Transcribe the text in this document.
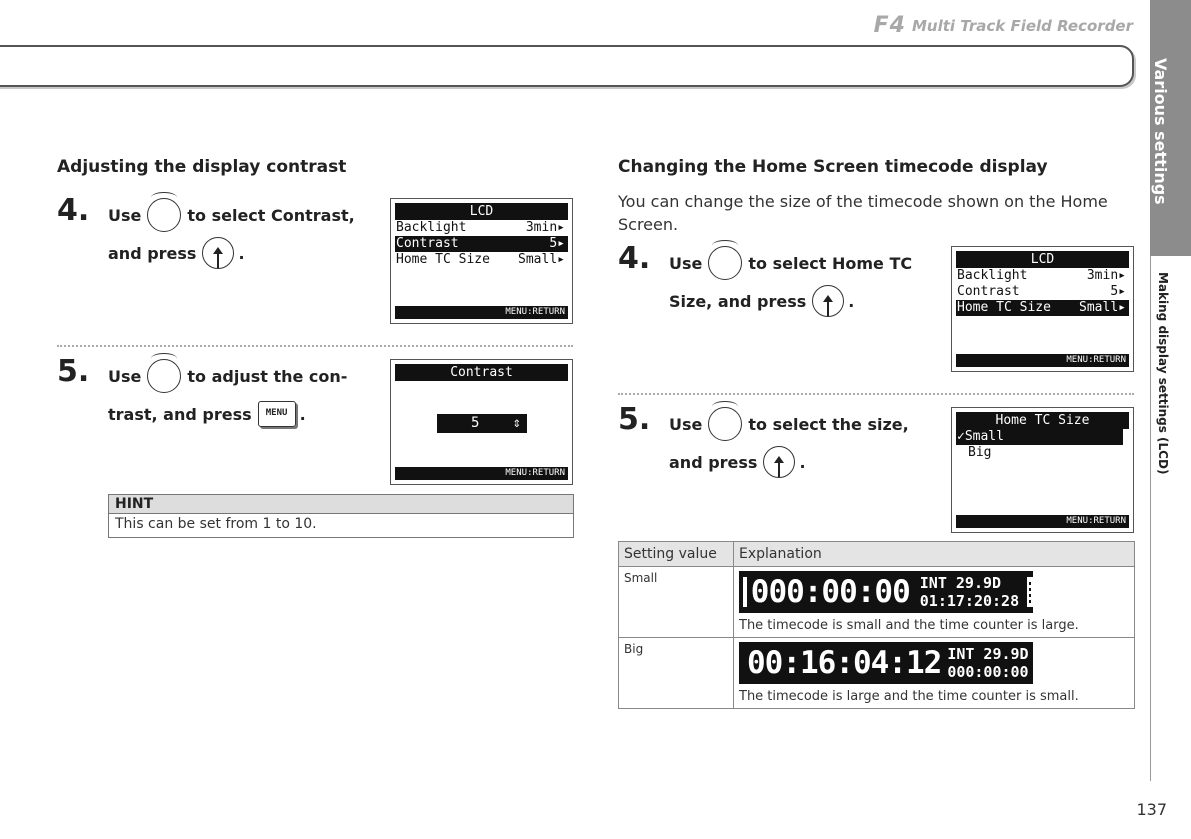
F4 Multi Track Field Recorder
Various settings
Making display settings (LCD)
Adjusting the display contrast
4. Use	to select Contrast,
and press	.
LCD
Backlight	3min▸
Contrast	5▸
Home TC Size Small▸
MENU:RETURN
5. Use	to adjust the con-
trast, and press	MENU .
Contrast
5 ⇕
MENU:RETURN
HINT
This can be set from 1 to 10.
Changing the Home Screen timecode display
You can change the size of the timecode shown on the Home Screen.
4. Use	to select Home TC
Size, and press	.
LCD
Backlight	3min▸
Contrast	5▸
Home TC Size Small▸
MENU:RETURN
5. Use	to select the size,
and press	.
Home TC Size
✓Small
Big
MENU:RETURN
Setting value	Explanation
Small	000:00:00 INT 29.9D
01:17:20:28
The timecode is small and the time counter is large.

Big	00:16:04:12 INT 29.9D
000:00:00
The timecode is large and the time counter is small.
137
